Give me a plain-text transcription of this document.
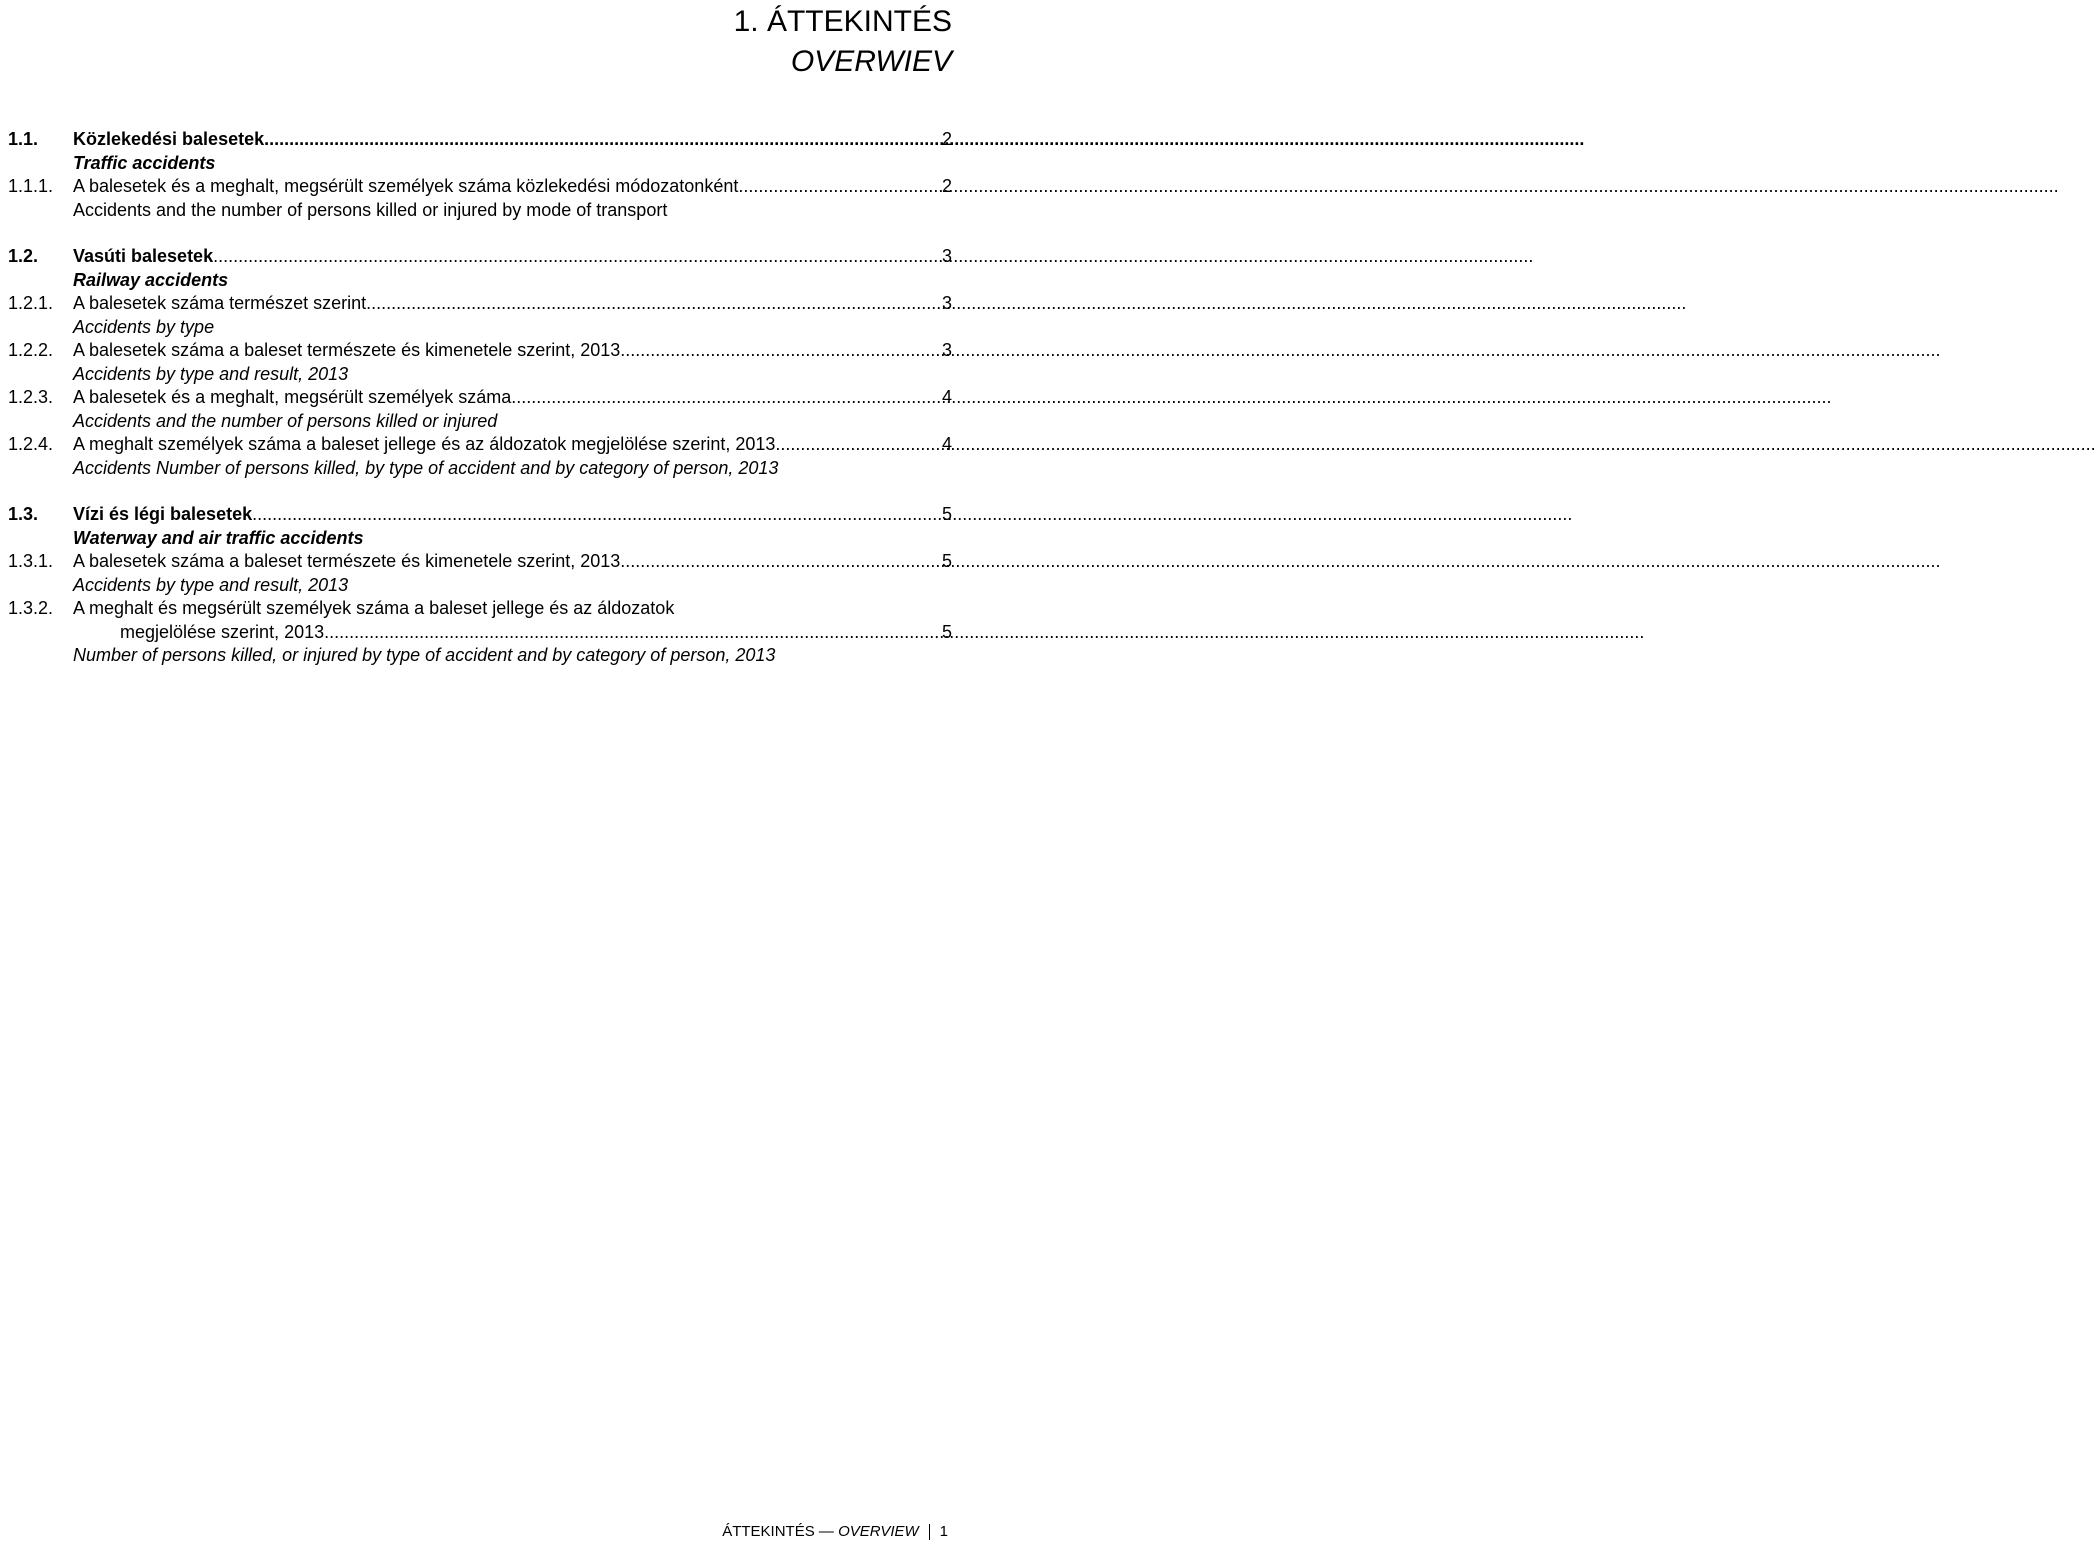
1. ÁTTEKINTÉS
OVERWIEV
1.1.	Közlekedési balesetek .....	2
Traffic accidents
1.1.1.	A balesetek és a meghalt, megsérült személyek száma közlekedési módozatonként .....	2
Accidents and the number of persons killed or injured by mode of transport
1.2.	Vasúti balesetek .....	3
Railway accidents
1.2.1.	A balesetek száma természet szerint .....	3
Accidents by type
1.2.2.	A balesetek száma a baleset természete és kimenetele szerint, 2013 .....	3
Accidents by type and result, 2013
1.2.3.	A balesetek és a meghalt, megsérült személyek száma .....	4
Accidents and the number of persons killed or injured
1.2.4.	A meghalt személyek száma a baleset jellege és az áldozatok megjelölése szerint, 2013 .....	4
Accidents Number of persons killed, by type of accident and by category of person, 2013
1.3.	Vízi és légi balesetek .....	5
Waterway and air traffic accidents
1.3.1.	A balesetek száma a baleset természete és kimenetele szerint, 2013 .....	5
Accidents by type and result, 2013
1.3.2.	A meghalt és megsérült személyek száma a baleset jellege és az áldozatok
megjelölése szerint, 2013 .....	5
Number of persons killed, or injured by type of accident and by category of person, 2013
ÁTTEKINTÉS
—
OVERVIEW 1
